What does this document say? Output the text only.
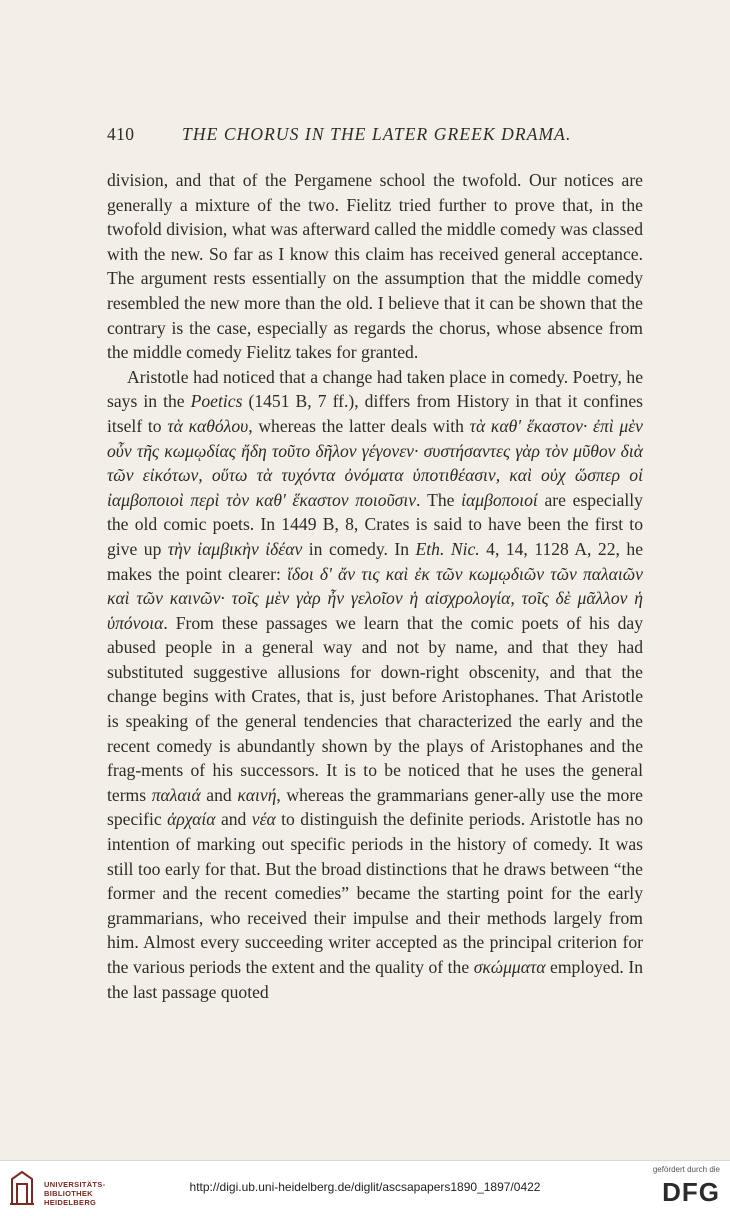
410	THE CHORUS IN THE LATER GREEK DRAMA.

division, and that of the Pergamene school the twofold. Our notices are generally a mixture of the two. Fielitz tried further to prove that, in the twofold division, what was afterward called the middle comedy was classed with the new. So far as I know this claim has received general acceptance. The argument rests essentially on the assumption that the middle comedy resembled the new more than the old. I believe that it can be shown that the contrary is the case, especially as regards the chorus, whose absence from the middle comedy Fielitz takes for granted.

Aristotle had noticed that a change had taken place in comedy. Poetry, he says in the Poetics (1451 B, 7 ff.), differs from History in that it confines itself to τὰ καθόλου, whereas the latter deals with τὰ καθ' ἕκαστον· ἐπὶ μὲν οὖν τῆς κωμῳδίας ἤδη τοῦτο δῆλον γέγονεν· συστήσαντες γὰρ τὸν μῦθον διὰ τῶν εἰκότων, οὕτω τὰ τυχόντα ὀνόματα ὑποτιθέασιν, καὶ οὐχ ὥσπερ οἱ ἰαμβοποιοὶ περὶ τὸν καθ' ἕκαστον ποιοῦσιν. The ἰαμβοποιοί are especially the old comic poets. In 1449 B, 8, Crates is said to have been the first to give up τὴν ἰαμβικὴν ἰδέαν in comedy. In Eth. Nic. 4, 14, 1128 A, 22, he makes the point clearer: ἴδοι δ' ἄν τις καὶ ἐκ τῶν κωμῳδιῶν τῶν παλαιῶν καὶ τῶν καινῶν· τοῖς μὲν γὰρ ἦν γελοῖον ἡ αἰσχρολογία, τοῖς δὲ μᾶλλον ἡ ὑπόνοια. From these passages we learn that the comic poets of his day abused people in a general way and not by name, and that they had substituted suggestive allusions for down-right obscenity, and that the change begins with Crates, that is, just before Aristophanes. That Aristotle is speaking of the general tendencies that characterized the early and the recent comedy is abundantly shown by the plays of Aristophanes and the frag-ments of his successors. It is to be noticed that he uses the general terms παλαιά and καινή, whereas the grammarians gener-ally use the more specific ἀρχαία and νέα to distinguish the definite periods. Aristotle has no intention of marking out specific periods in the history of comedy. It was still too early for that. But the broad distinctions that he draws between “the former and the recent comedies” became the starting point for the early grammarians, who received their impulse and their methods largely from him. Almost every succeeding writer accepted as the principal criterion for the various periods the extent and the quality of the σκώμματα employed. In the last passage quoted

UNIVERSITÄTS-
BIBLIOTHEK
HEIDELBERG
http://digi.ub.uni-heidelberg.de/diglit/ascsapapers1890_1897/0422
gefördert durch die
DFG
